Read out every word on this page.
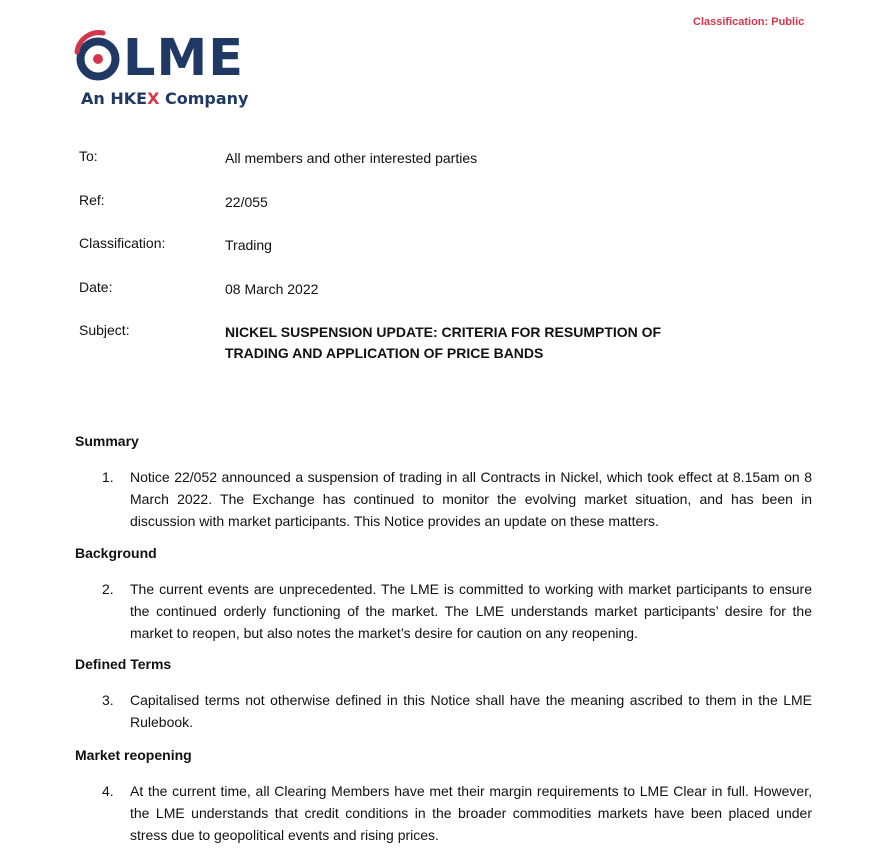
Classification: Public
LME
An HKEX Company
To:	All members and other interested parties
Ref:	22/055
Classification:	Trading
Date:	08 March 2022
Subject:	NICKEL SUSPENSION UPDATE: CRITERIA FOR RESUMPTION OF
TRADING AND APPLICATION OF PRICE BANDS
Summary
1. Notice 22/052 announced a suspension of trading in all Contracts in Nickel, which took effect at 8.15am on 8 March 2022. The Exchange has continued to monitor the evolving market situation, and has been in discussion with market participants. This Notice provides an update on these matters.
Background
2. The current events are unprecedented. The LME is committed to working with market participants to ensure the continued orderly functioning of the market. The LME understands market participants’ desire for the market to reopen, but also notes the market’s desire for caution on any reopening.
Defined Terms
3. Capitalised terms not otherwise defined in this Notice shall have the meaning ascribed to them in the LME Rulebook.
Market reopening
4. At the current time, all Clearing Members have met their margin requirements to LME Clear in full. However, the LME understands that credit conditions in the broader commodities markets have been placed under stress due to geopolitical events and rising prices.
